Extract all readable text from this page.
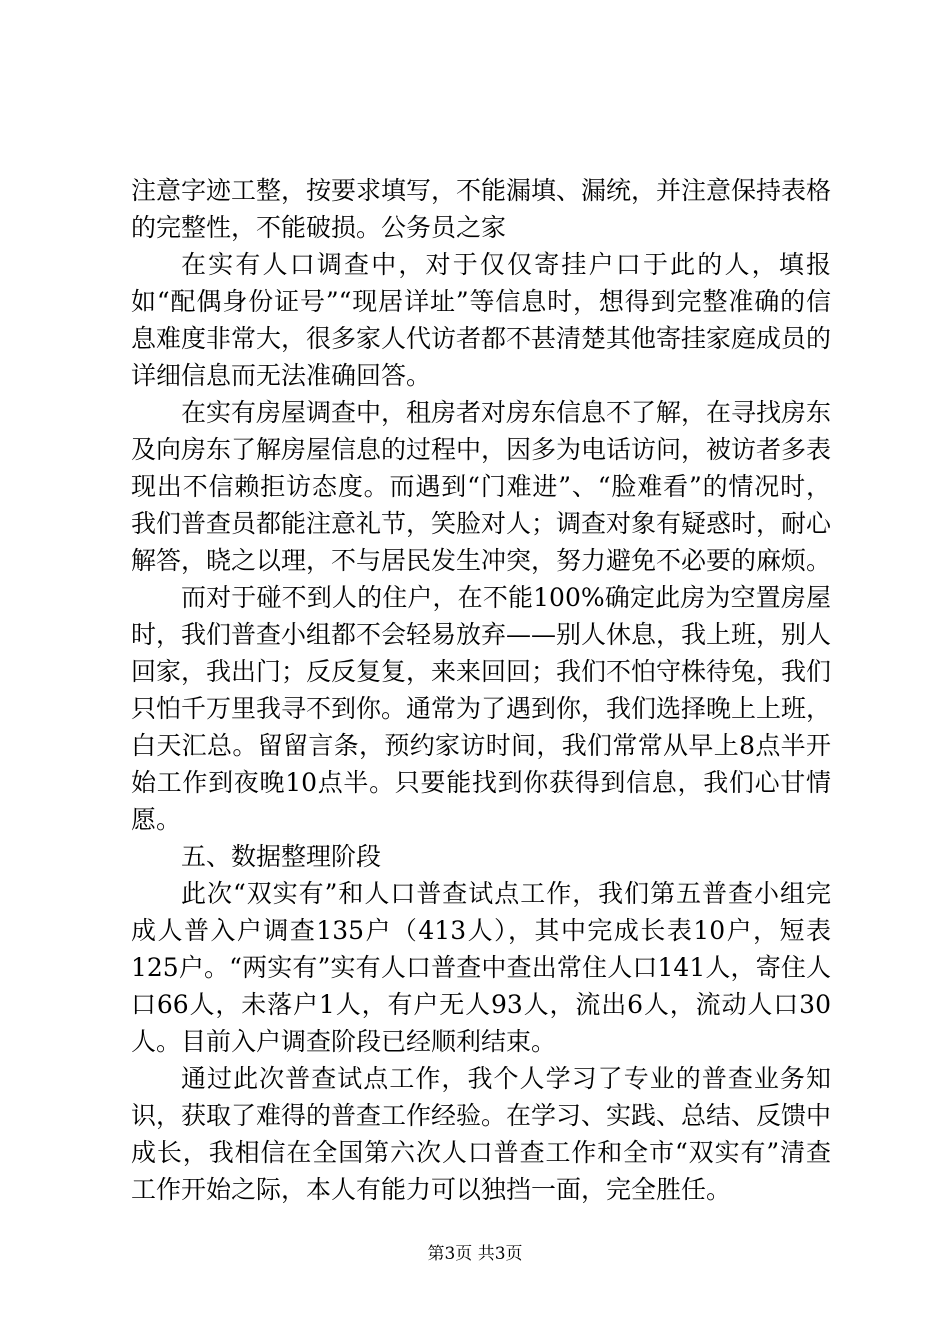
注意字迹工整，按要求填写，不能漏填、漏统，并注意保持表格的完整性，不能破损。公务员之家

在实有人口调查中，对于仅仅寄挂户口于此的人，填报如“配偶身份证号”“现居详址”等信息时，想得到完整准确的信息难度非常大，很多家人代访者都不甚清楚其他寄挂家庭成员的详细信息而无法准确回答。

在实有房屋调查中，租房者对房东信息不了解，在寻找房东及向房东了解房屋信息的过程中，因多为电话访问，被访者多表现出不信赖拒访态度。而遇到“门难进”、“脸难看”的情况时，我们普查员都能注意礼节，笑脸对人；调查对象有疑惑时，耐心解答，晓之以理，不与居民发生冲突，努力避免不必要的麻烦。

而对于碰不到人的住户，在不能100%确定此房为空置房屋时，我们普查小组都不会轻易放弃——别人休息，我上班，别人回家，我出门；反反复复，来来回回；我们不怕守株待兔，我们只怕千万里我寻不到你。通常为了遇到你，我们选择晚上上班，白天汇总。留留言条，预约家访时间，我们常常从早上8点半开始工作到夜晚10点半。只要能找到你获得到信息，我们心甘情愿。

五、数据整理阶段

此次“双实有”和人口普查试点工作，我们第五普查小组完成人普入户调查135户（413人），其中完成长表10户，短表125户。“两实有”实有人口普查中查出常住人口141人，寄住人口66人，未落户1人，有户无人93人，流出6人，流动人口30人。目前入户调查阶段已经顺利结束。

通过此次普查试点工作，我个人学习了专业的普查业务知识，获取了难得的普查工作经验。在学习、实践、总结、反馈中成长，我相信在全国第六次人口普查工作和全市“双实有”清查工作开始之际，本人有能力可以独挡一面，完全胜任。

第3页 共3页
